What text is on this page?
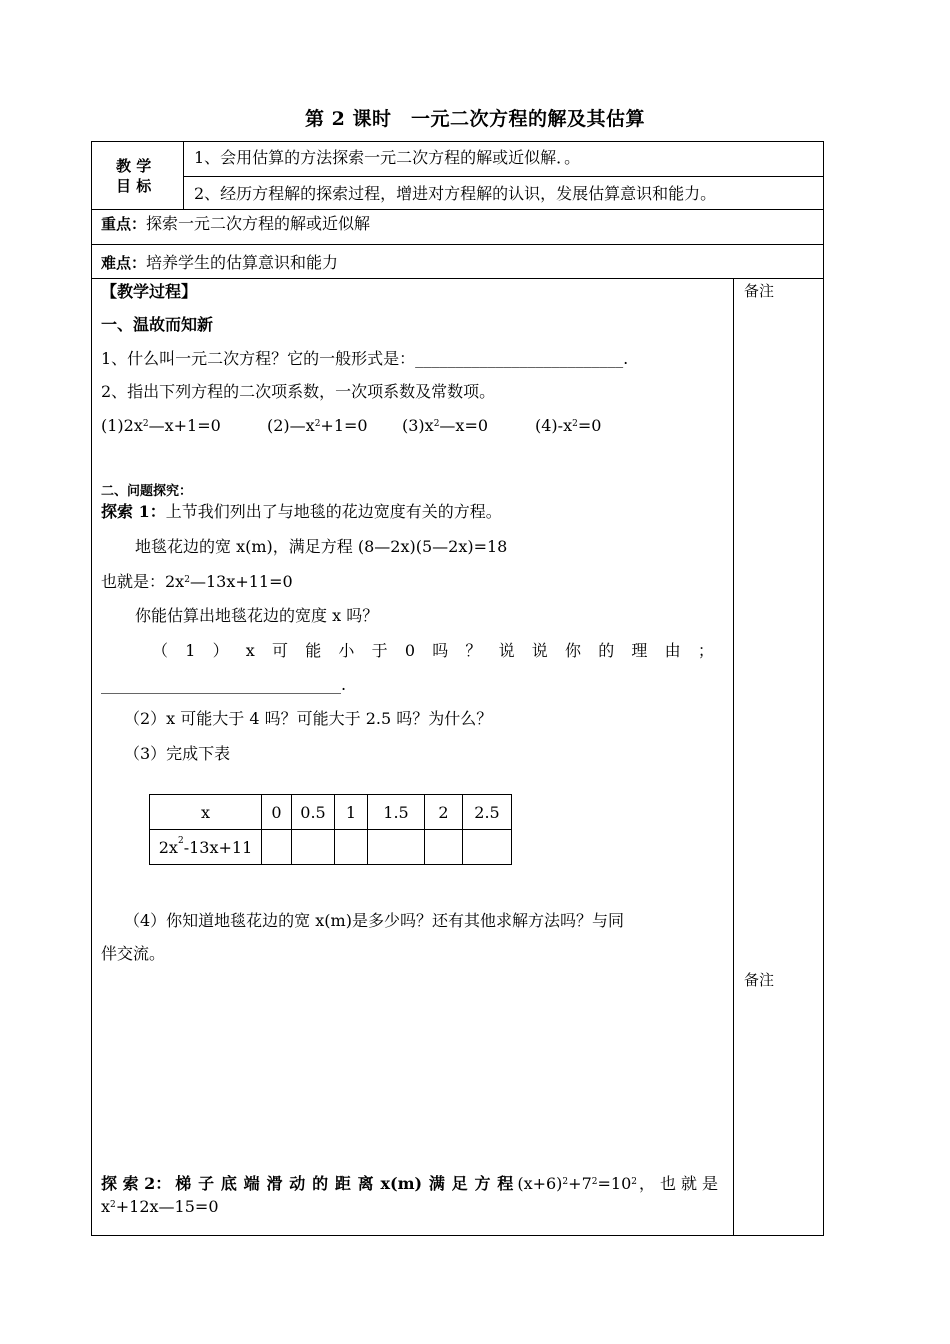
第 2 课时　一元二次方程的解及其估算
教 学
目 标
1、会用估算的方法探索一元二次方程的解或近似解．。
2、经历方程解的探索过程，增进对方程解的认识，发展估算意识和能力。
重点：探索一元二次方程的解或近似解
难点：培养学生的估算意识和能力
备注
备注
【教学过程】
一、温故而知新
1、什么叫一元二次方程？它的一般形式是：__________________________.
2、指出下列方程的二次项系数，一次项系数及常数项。
$(1)2x^2—x+1=0$	$(2)—x^2+1=0$ $(3)x^2—x=0$	$(4)-x^2=0$
二、问题探究：
探索 1：上节我们列出了与地毯的花边宽度有关的方程。
地毯花边的宽 x(m)，满足方程 (8—2x)(5—2x)=18
也就是：$2x^2—13x+11=0$
你能估算出地毯花边的宽度 x 吗？
（ 1 ） x 可 能 小 于 0 吗 ？ 说 说 你 的 理 由 ；
______________________________.
（2）x 可能大于 4 吗？可能大于 2.5 吗？为什么？
（3）完成下表
x	0	0.5	1	1.5	2	2.5
$2x^2-13x+11$						
（4）你知道地毯花边的宽 x(m)是多少吗？还有其他求解方法吗？与同
伴交流。
探 索 2： 梯 子 底 端 滑 动 的 距 离 x(m) 满 足 方 程 $(x+6)^2+7^2=10^2$ ，也就是
$x^2+12x—15=0$
